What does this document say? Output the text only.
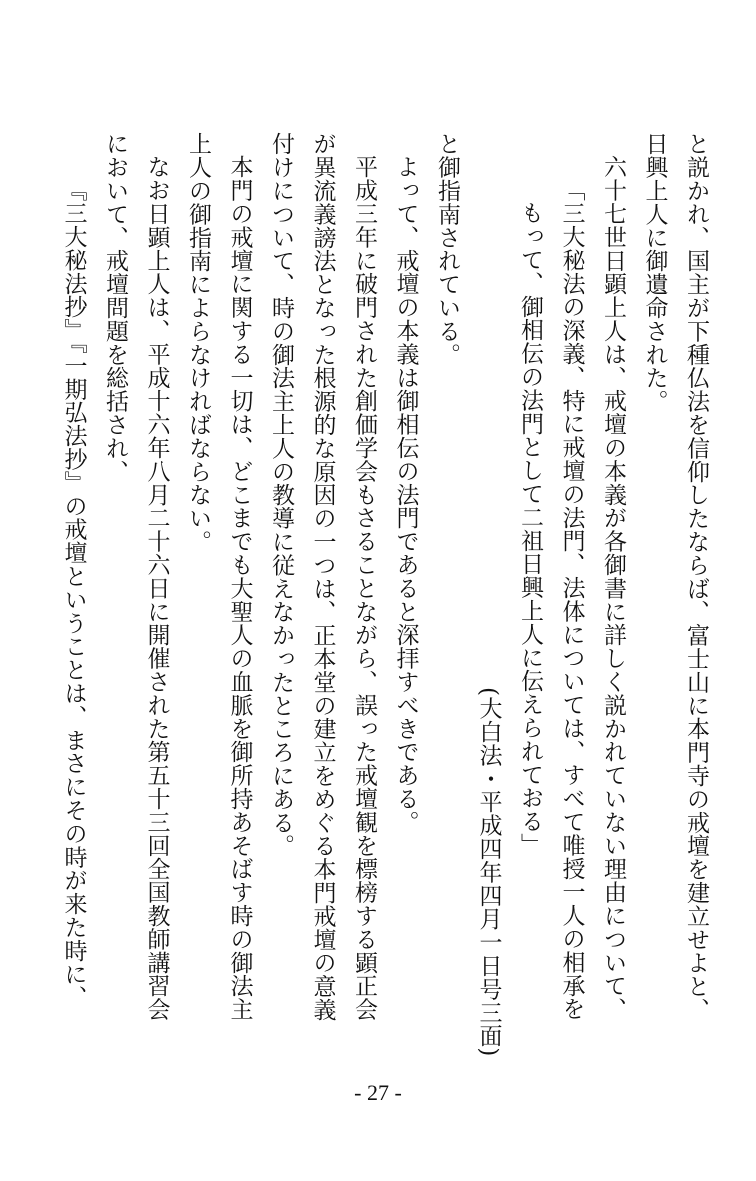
と説かれ、国主が下種仏法を信仰したならば、富士山に本門寺の戒壇を建立せよと、
日興上人に御遺命された。
六十七世日顕上人は、戒壇の本義が各御書に詳しく説かれていない理由について、
「三大秘法の深義、特に戒壇の法門、法体については、すべて唯授一人の相承を
もって、御相伝の法門として二祖日興上人に伝えられておる」
(大白法・平成四年四月一日号三面)
と御指南されている。
よって、戒壇の本義は御相伝の法門であると深拝すべきである。
平成三年に破門された創価学会もさることながら、誤った戒壇観を標榜する顕正会
が異流義謗法となった根源的な原因の一つは、正本堂の建立をめぐる本門戒壇の意義
付けについて、時の御法主上人の教導に従えなかったところにある。
本門の戒壇に関する一切は、どこまでも大聖人の血脈を御所持あそばす時の御法主
上人の御指南によらなければならない。
なお日顕上人は、平成十六年八月二十六日に開催された第五十三回全国教師講習会
において、戒壇問題を総括され、
『三大秘法抄』『一期弘法抄』の戒壇ということは、まさにその時が来た時に、
- 27 -
